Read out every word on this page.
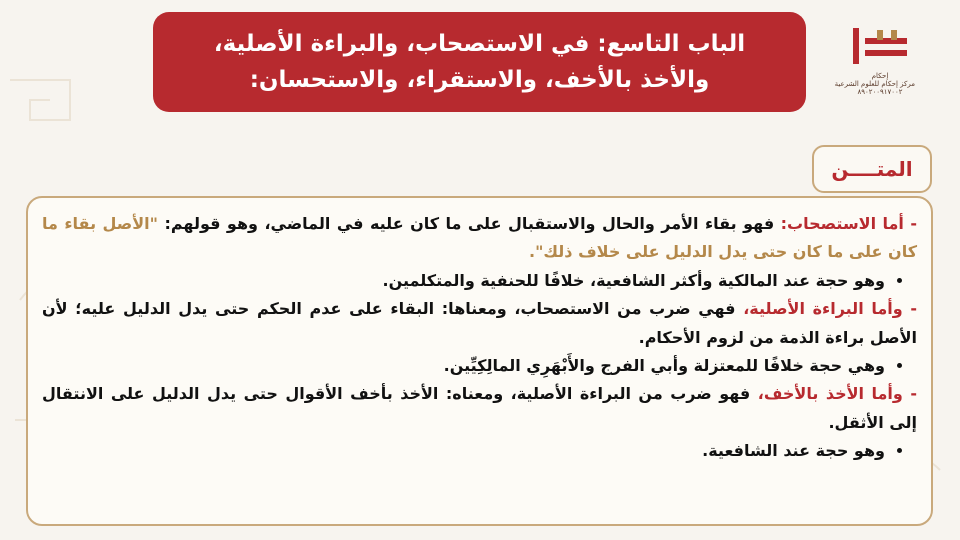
الباب التاسع: في الاستصحاب، والبراءة الأصلية،
والأخذ بالأخف، والاستقراء، والاستحسان:	إحكام
مركز إحكام للعلوم الشرعية
٨٩٠٢٠٠٩١٧٠٠٢
المتــــن

- أما الاستصحاب: فهو بقاء الأمر والحال والاستقبال على ما كان عليه في الماضي، وهو قولهم: "الأصل بقاء ما كان على ما كان حتى يدل الدليل على خلاف ذلك".

• وهو حجة عند المالكية وأكثر الشافعية، خلافًا للحنفية والمتكلمين.

- وأما البراءة الأصلية، فهي ضرب من الاستصحاب، ومعناها: البقاء على عدم الحكم حتى يدل الدليل عليه؛ لأن الأصل براءة الذمة من لزوم الأحكام.

• وهي حجة خلافًا للمعتزلة وأبي الفرج والأَبْهَرِي المالِكِيِّين.

- وأما الأخذ بالأخف، فهو ضرب من البراءة الأصلية، ومعناه: الأخذ بأخف الأقوال حتى يدل الدليل على الانتقال إلى الأثقل.

• وهو حجة عند الشافعية.
